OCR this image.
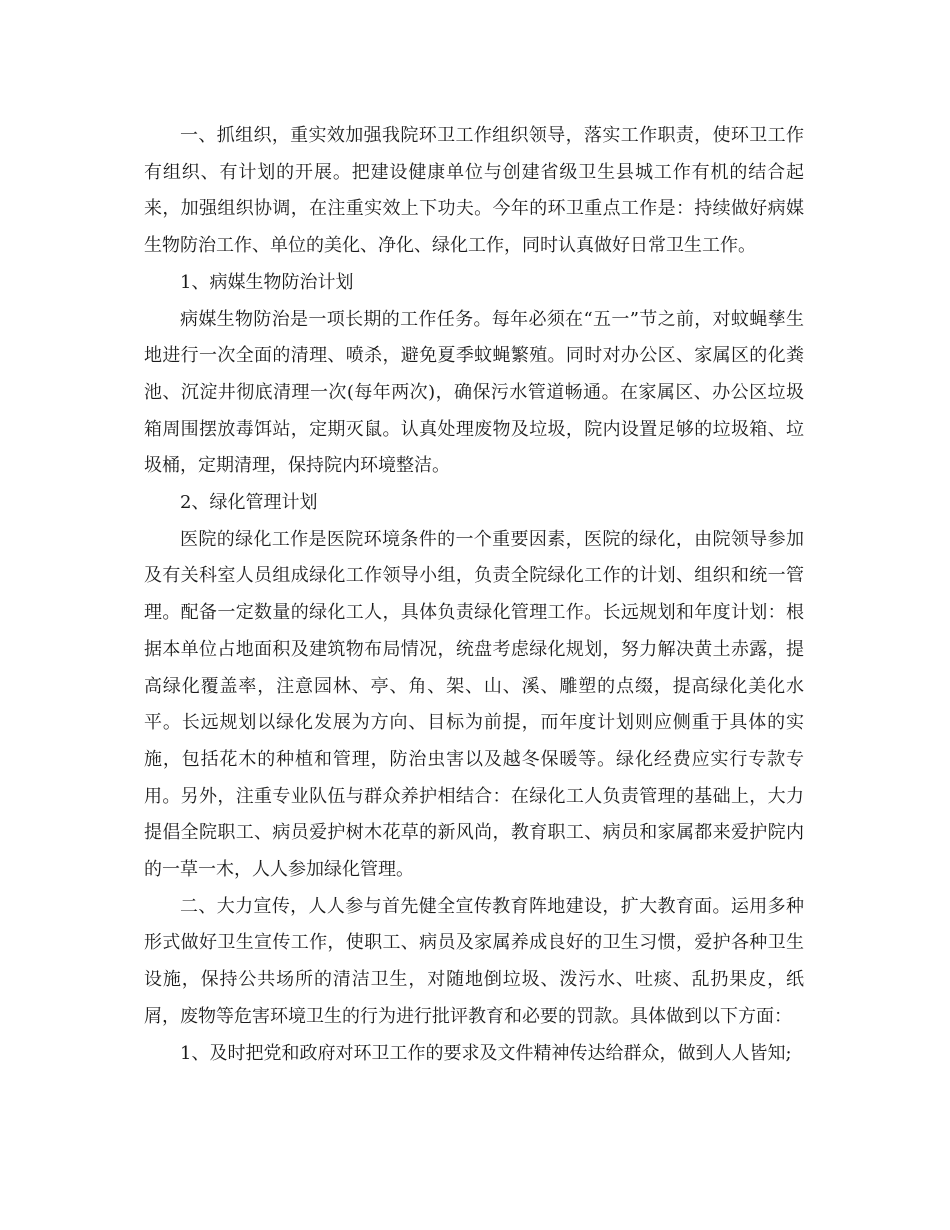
一、抓组织，重实效加强我院环卫工作组织领导，落实工作职责，使环卫工作有组织、有计划的开展。把建设健康单位与创建省级卫生县城工作有机的结合起来，加强组织协调，在注重实效上下功夫。今年的环卫重点工作是：持续做好病媒生物防治工作、单位的美化、净化、绿化工作，同时认真做好日常卫生工作。

1、病媒生物防治计划

病媒生物防治是一项长期的工作任务。每年必须在“五一”节之前，对蚊蝇孳生地进行一次全面的清理、喷杀，避免夏季蚊蝇繁殖。同时对办公区、家属区的化粪池、沉淀井彻底清理一次(每年两次)，确保污水管道畅通。在家属区、办公区垃圾箱周围摆放毒饵站，定期灭鼠。认真处理废物及垃圾，院内设置足够的垃圾箱、垃圾桶，定期清理，保持院内环境整洁。

2、绿化管理计划

医院的绿化工作是医院环境条件的一个重要因素，医院的绿化，由院领导参加及有关科室人员组成绿化工作领导小组，负责全院绿化工作的计划、组织和统一管理。配备一定数量的绿化工人，具体负责绿化管理工作。长远规划和年度计划：根据本单位占地面积及建筑物布局情况，统盘考虑绿化规划，努力解决黄土赤露，提高绿化覆盖率，注意园林、亭、角、架、山、溪、雕塑的点缀，提高绿化美化水平。长远规划以绿化发展为方向、目标为前提，而年度计划则应侧重于具体的实施，包括花木的种植和管理，防治虫害以及越冬保暖等。绿化经费应实行专款专用。另外，注重专业队伍与群众养护相结合：在绿化工人负责管理的基础上，大力提倡全院职工、病员爱护树木花草的新风尚，教育职工、病员和家属都来爱护院内的一草一木，人人参加绿化管理。

二、大力宣传，人人参与首先健全宣传教育阵地建设，扩大教育面。运用多种形式做好卫生宣传工作，使职工、病员及家属养成良好的卫生习惯，爱护各种卫生设施，保持公共场所的清洁卫生，对随地倒垃圾、泼污水、吐痰、乱扔果皮，纸屑，废物等危害环境卫生的行为进行批评教育和必要的罚款。具体做到以下方面：

1、及时把党和政府对环卫工作的要求及文件精神传达给群众，做到人人皆知;
